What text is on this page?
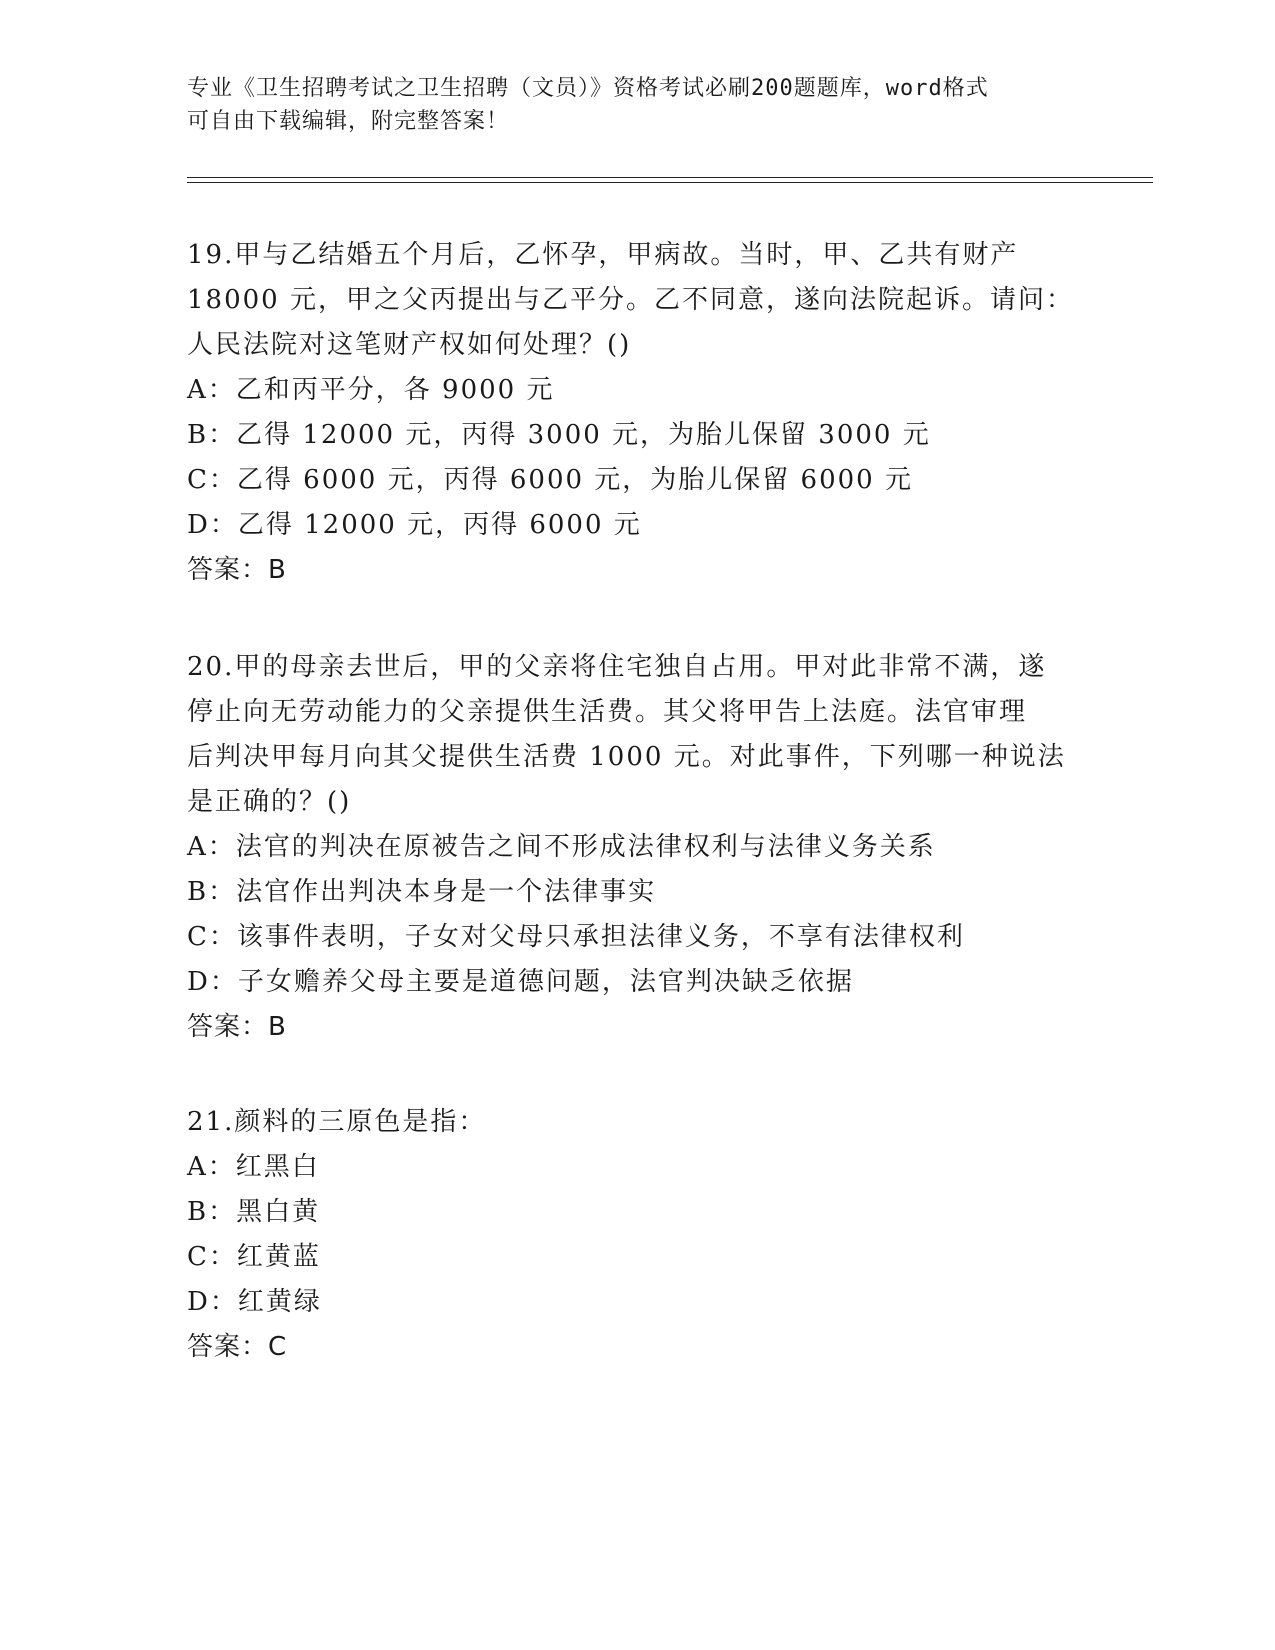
专业《卫生招聘考试之卫生招聘（文员）》资格考试必刷200题题库，word格式
可自由下载编辑，附完整答案！

19.甲与乙结婚五个月后，乙怀孕，甲病故。当时，甲、乙共有财产

18000 元，甲之父丙提出与乙平分。乙不同意，遂向法院起诉。请问：

人民法院对这笔财产权如何处理？()

A：乙和丙平分，各 9000 元

B：乙得 12000 元，丙得 3000 元，为胎儿保留 3000 元

C：乙得 6000 元，丙得 6000 元，为胎儿保留 6000 元

D：乙得 12000 元，丙得 6000 元

答案：B

20.甲的母亲去世后，甲的父亲将住宅独自占用。甲对此非常不满，遂

停止向无劳动能力的父亲提供生活费。其父将甲告上法庭。法官审理

后判决甲每月向其父提供生活费 1000 元。对此事件，下列哪一种说法

是正确的？()

A：法官的判决在原被告之间不形成法律权利与法律义务关系

B：法官作出判决本身是一个法律事实

C：该事件表明，子女对父母只承担法律义务，不享有法律权利

D：子女赡养父母主要是道德问题，法官判决缺乏依据

答案：B

21.颜料的三原色是指：

A：红黑白

B：黑白黄

C：红黄蓝

D：红黄绿

答案：C
